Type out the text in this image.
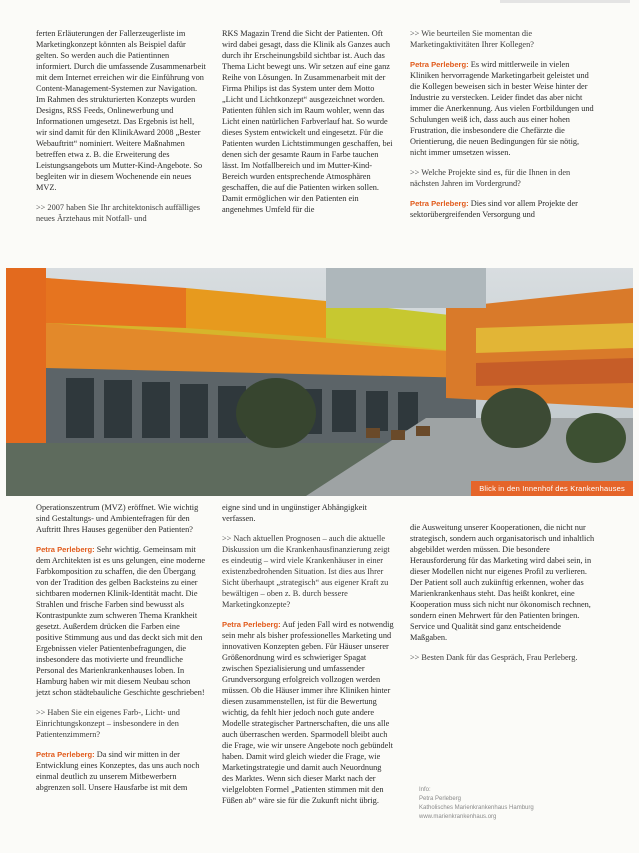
ferten Erläuterungen der Fallerzeugerliste im Marketingkonzept könnten als Beispiel dafür gelten. So werden auch die Patientinnen informiert. Durch die umfassende Zusammenarbeit mit dem Internet erreichen wir die Einführung von Content-Management-Systemen zur Navigation. Im Rahmen des strukturierten Konzepts wurden Designs, RSS Feeds, Onlinewerbung und Informationen umgesetzt. Das Ergebnis ist hell, wir sind damit für den KlinikAward 2008 „Bester Webauftritt“ nominiert. Weitere Maßnahmen betreffen etwa z. B. die Erweiterung des Leistungsangebots um Mutter-Kind-Angebote. So begleiten wir in diesem Wochenende ein neues MVZ.

>> 2007 haben Sie Ihr architektonisch auffälliges neues Ärztehaus mit Notfall- und

RKS Magazin Trend die Sicht der Patienten. Oft wird dabei gesagt, dass die Klinik als Ganzes auch durch ihr Erscheinungsbild sichtbar ist. Auch das Thema Licht bewegt uns. Wir setzen auf eine ganz Reihe von Lösungen. In Zusammenarbeit mit der Firma Philips ist das System unter dem Motto „Licht und Lichtkonzept“ ausgezeichnet worden. Patienten fühlen sich im Raum wohler, wenn das Licht einen natürlichen Farbverlauf hat. So wurde dieses System entwickelt und eingesetzt. Für die Patienten wurden Lichtstimmungen geschaffen, bei denen sich der gesamte Raum in Farbe tauchen lässt. Im Notfallbereich und im Mutter-Kind-Bereich wurden entsprechende Atmosphären geschaffen, die auf die Patienten wirken sollen. Damit ermöglichen wir den Patienten ein angenehmes Umfeld für die

>> Wie beurteilen Sie momentan die Marketingaktivitäten Ihrer Kollegen?

Petra Perleberg: Es wird mittlerweile in vielen Kliniken hervorragende Marketingarbeit geleistet und die Kollegen beweisen sich in bester Weise hinter der Industrie zu verstecken. Leider findet das aber nicht immer die Anerkennung. Aus vielen Fortbildungen und Schulungen weiß ich, dass auch aus einer hohen Frustration, die insbesondere die Chefärzte die Orientierung, die neuen Bedingungen für sie nötig, nicht immer umsetzen wissen.

>> Welche Projekte sind es, für die Ihnen in den nächsten Jahren im Vordergrund?

Petra Perleberg: Dies sind vor allem Projekte der sektorübergreifenden Versorgung und

Blick in den Innenhof des Krankenhauses

Operationszentrum (MVZ) eröffnet. Wie wichtig sind Gestaltungs- und Ambientefragen für den Auftritt Ihres Hauses gegenüber den Patienten?

Petra Perleberg: Sehr wichtig. Gemeinsam mit dem Architekten ist es uns gelungen, eine moderne Farbkomposition zu schaffen, die den Übergang von der Tradition des gelben Backsteins zu einer sichtbaren modernen Klinik-Identität macht. Die Strahlen und frische Farben sind bewusst als Kontrastpunkte zum schweren Thema Krankheit gesetzt. Außerdem drücken die Farben eine positive Stimmung aus und das deckt sich mit den Ergebnissen vieler Patientenbefragungen, die insbesondere das motivierte und freundliche Personal des Marienkrankenhauses loben. In Hamburg haben wir mit diesem Neubau schon jetzt schon städtebauliche Geschichte geschrieben!

>> Haben Sie ein eigenes Farb-, Licht- und Einrichtungskonzept – insbesondere in den Patientenzimmern?

Petra Perleberg: Da sind wir mitten in der Entwicklung eines Konzeptes, das uns auch noch einmal deutlich zu unserem Mitbewerbern abgrenzen soll. Unsere Hausfarbe ist mit dem

eigne sind und in ungünstiger Abhängigkeit verfassen.

>> Nach aktuellen Prognosen – auch die aktuelle Diskussion um die Krankenhausfinanzierung zeigt es eindeutig – wird viele Krankenhäuser in einer existenzbedrohenden Situation. Ist dies aus Ihrer Sicht überhaupt „strategisch“ aus eigener Kraft zu bewältigen – oben z. B. durch bessere Marketingkonzepte?

Petra Perleberg: Auf jeden Fall wird es notwendig sein mehr als bisher professionelles Marketing und innovativen Konzepten geben. Für Häuser unserer Größenordnung wird es schwieriger Spagat zwischen Spezialisierung und umfassender Grundversorgung erfolgreich vollzogen werden müssen. Ob die Häuser immer ihre Kliniken hinter diesen zusammenstellen, ist für die Bewertung wichtig, da fehlt hier jedoch noch gute andere Modelle strategischer Partnerschaften, die uns alle auch überraschen werden. Sparmodell bleibt auch die Frage, wie wir unsere Angebote noch gebündelt haben. Damit wird gleich wieder die Frage, wie Marketingstrategie und damit auch Neuordnung des Marktes. Wenn sich dieser Markt nach der vielgelobten Formel „Patienten stimmen mit den Füßen ab“ wäre sie für die Zukunft nicht übrig.

die Ausweitung unserer Kooperationen, die nicht nur strategisch, sondern auch organisatorisch und inhaltlich abgebildet werden müssen. Die besondere Herausforderung für das Marketing wird dabei sein, in dieser Modellen nicht nur eigenes Profil zu verlieren. Der Patient soll auch zukünftig erkennen, woher das Marienkrankenhaus steht. Das heißt konkret, eine Kooperation muss sich nicht nur ökonomisch rechnen, sondern einen Mehrwert für den Patienten bringen. Service und Qualität sind ganz entscheidende Maßgaben.

>> Besten Dank für das Gespräch, Frau Perleberg.

Info:
Petra Perleberg
Katholisches Marienkrankenhaus Hamburg
www.marienkrankenhaus.org
